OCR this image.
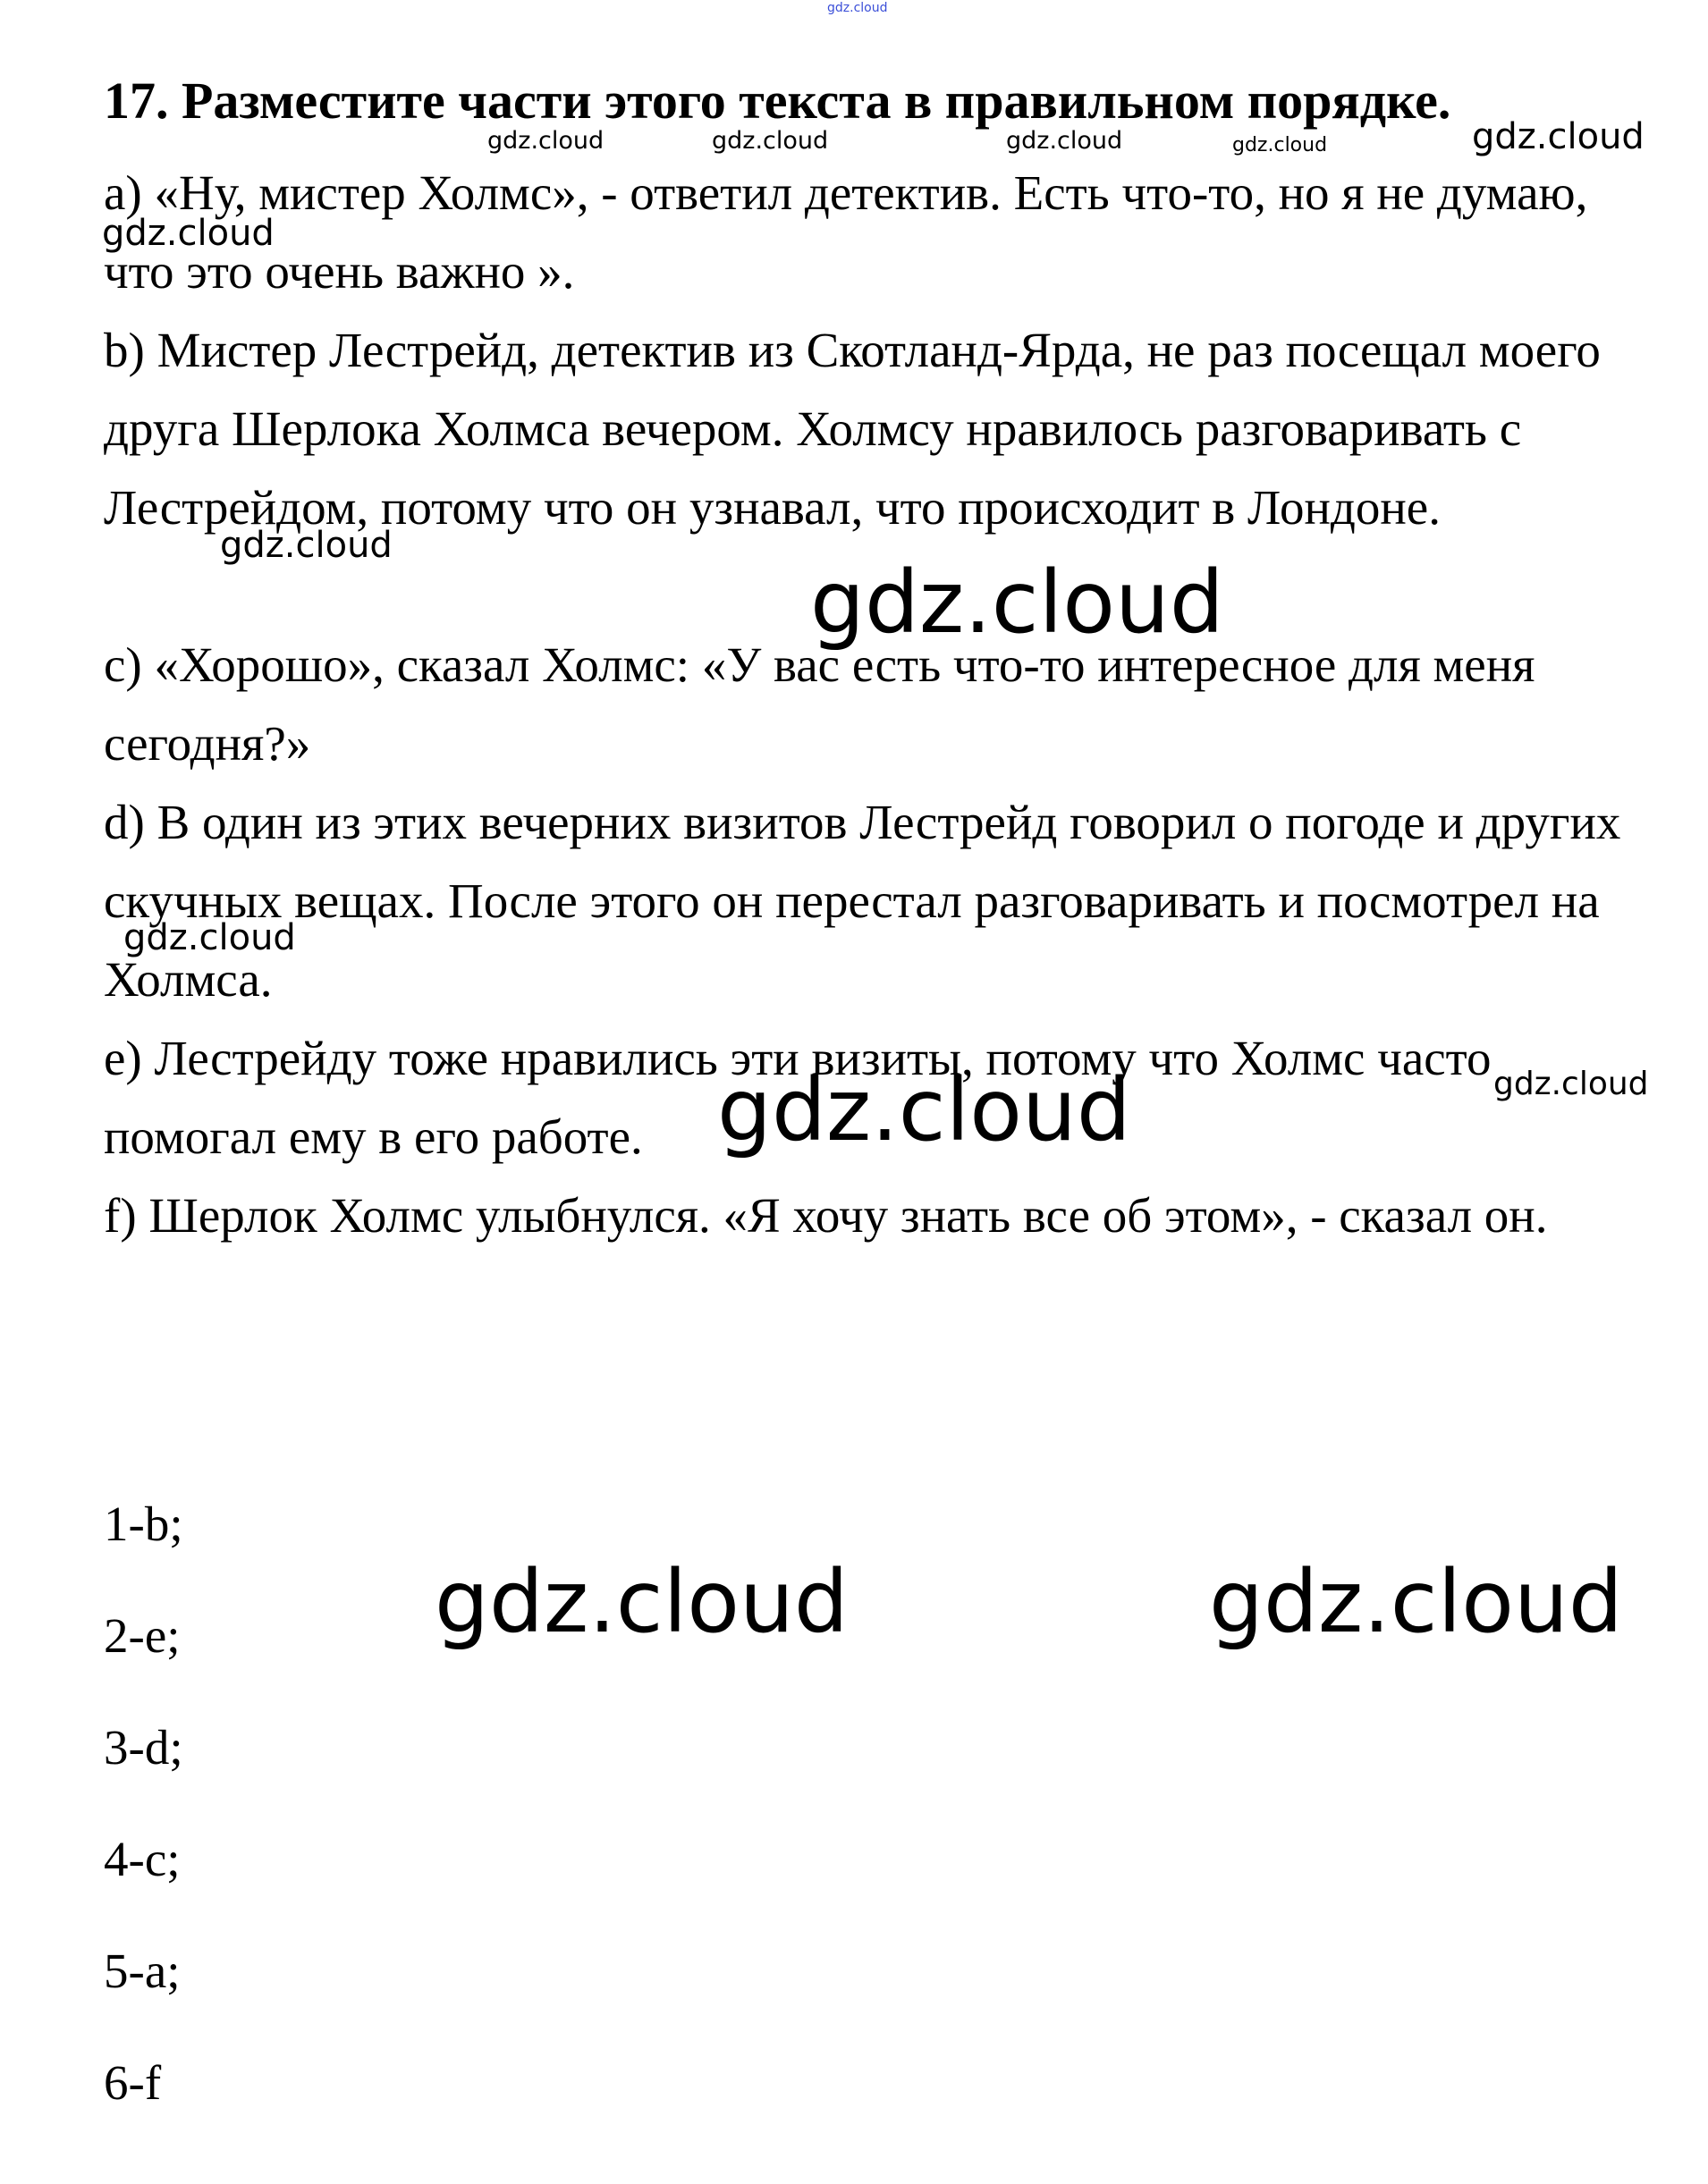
17. Разместите части этого текста в правильном порядке.

a) «Ну, мистер Холмс», - ответил детектив. Есть что-то, но я не думаю, что это очень важно ».

b) Мистер Лестрейд, детектив из Скотланд-Ярда, не раз посещал моего друга Шерлока Холмса вечером. Холмсу нравилось разговаривать с Лестрейдом, потому что он узнавал, что происходит в Лондоне.

c) «Хорошо», сказал Холмс: «У вас есть что-то интересное для меня сегодня?»

d) В один из этих вечерних визитов Лестрейд говорил о погоде и других скучных вещах. После этого он перестал разговаривать и посмотрел на Холмса.

e) Лестрейду тоже нравились эти визиты, потому что Холмс часто помогал ему в его работе.

f) Шерлок Холмс улыбнулся. «Я хочу знать все об этом», - сказал он.

1-b;
2-e;
3-d;
4-c;
5-a;
6-f
gdz.cloud
gdz.cloud	gdz.cloud	gdz.cloud	gdz.cloud	gdz.cloud
gdz.cloud
gdz.cloud
gdz.cloud
gdz.cloud
gdz.cloud
gdz.cloud
gdz.cloud	gdz.cloud
